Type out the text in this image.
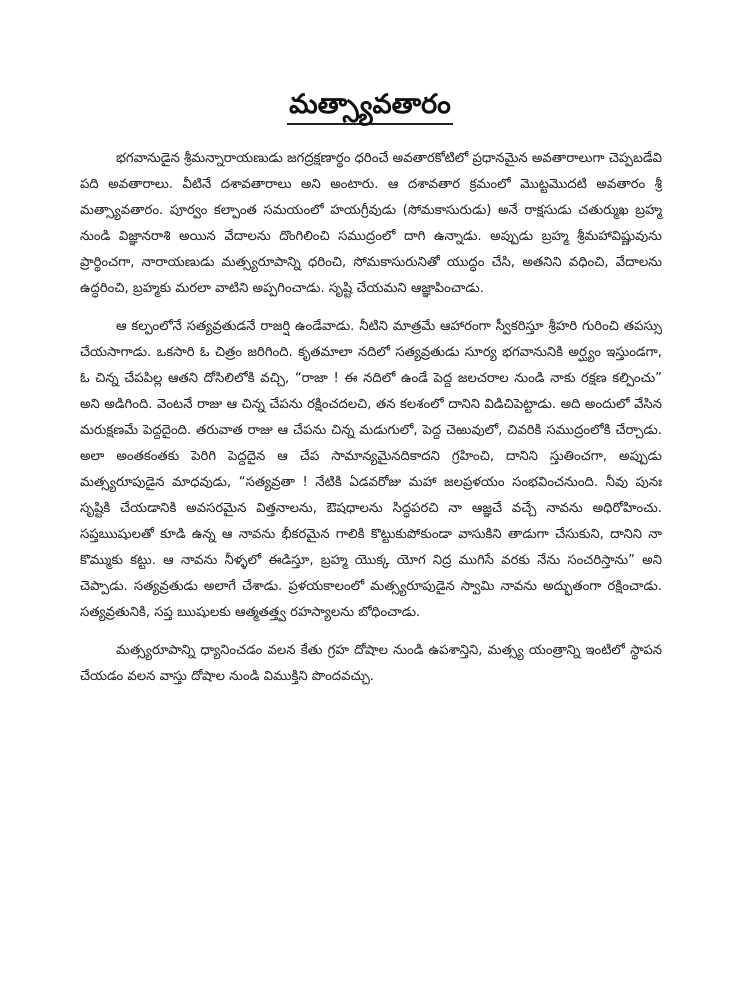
మత్స్యావతారం

భగవానుడైన శ్రీమన్నారాయణుడు జగద్రక్షణార్థం ధరించే అవతారకోటిలో ప్రధానమైన అవతారాలుగా చెప్పబడేవి పది అవతారాలు. వీటినే దశావతారాలు అని అంటారు. ఆ దశావతార క్రమంలో మొట్టమొదటి అవతారం శ్రీ మత్స్యావతారం. పూర్వం కల్పాంత సమయంలో హయగ్రీవుడు (సోమకాసురుడు) అనే రాక్షసుడు చతుర్ముఖ బ్రహ్మ నుండి విజ్ఞానరాశి అయిన వేదాలను దొంగిలించి సముద్రంలో దాగి ఉన్నాడు. అప్పుడు బ్రహ్మ శ్రీమహావిష్ణువును ప్రార్థించగా, నారాయణుడు మత్స్యరూపాన్ని ధరించి, సోమకాసురునితో యుద్ధం చేసి, అతనిని వధించి, వేదాలను ఉద్ధరించి, బ్రహ్మకు మరలా వాటిని అప్పగించాడు. సృష్టి చేయమని ఆజ్ఞాపించాడు.

ఆ కల్పంలోనే సత్యవ్రతుడనే రాజర్షి ఉండేవాడు. నీటిని మాత్రమే ఆహారంగా స్వీకరిస్తూ శ్రీహరి గురించి తపస్సు చేయసాగాడు. ఒకసారి ఓ చిత్రం జరిగింది. కృతమాలా నదిలో సత్యవ్రతుడు సూర్య భగవానునికి అర్ఘ్యం ఇస్తుండగా, ఓ చిన్న చేపపిల్ల ఆతని దోసిలిలోకి వచ్చి, “రాజా ! ఈ నదిలో ఉండే పెద్ద జలచరాల నుండి నాకు రక్షణ కల్పించు” అని అడిగింది. వెంటనే రాజు ఆ చిన్న చేపను రక్షించదలచి, తన కలశంలో దానిని విడిచిపెట్టాడు. అది అందులో వేసిన మరుక్షణమే పెద్దదైంది. తరువాత రాజు ఆ చేపను చిన్న మడుగులో, పెద్ద చెఱువులో, చివరికి సముద్రంలోకి చేర్చాడు. అలా అంతకంతకు పెరిగి పెద్దదైన ఆ చేప సామాన్యమైనదికాదని గ్రహించి, దానిని స్తుతించగా, అప్పుడు మత్స్యరూపుడైన మాధవుడు, “సత్యవ్రతా ! నేటికి ఏడవరోజు మహా జలప్రళయం సంభవించనుంది. నీవు పునః సృష్టికి చేయడానికి అవసరమైన విత్తనాలను, ఔషధాలను సిద్ధపరచి నా ఆజ్ఞచే వచ్చే నావను అధిరోహించు. సప్తఋషులతో కూడి ఉన్న ఆ నావను భీకరమైన గాలికి కొట్టుకుపోకుండా వాసుకిని తాడుగా చేసుకుని, దానిని నా కొమ్ముకు కట్టు. ఆ నావను నీళ్ళలో ఈడిస్తూ, బ్రహ్మ యొక్క యోగ నిద్ర ముగిసే వరకు నేను సంచరిస్తాను” అని చెప్పాడు. సత్యవ్రతుడు అలాగే చేశాడు. ప్రళయకాలంలో మత్స్యరూపుడైన స్వామి నావను అద్భుతంగా రక్షించాడు. సత్యవ్రతునికి, సప్త ఋషులకు ఆత్మతత్త్వ రహస్యాలను బోధించాడు.

మత్స్యరూపాన్ని ధ్యానించడం వలన కేతు గ్రహ దోషాల నుండి ఉపశాన్తిని, మత్స్య యంత్రాన్ని ఇంటిలో స్థాపన చేయడం వలన వాస్తు దోషాల నుండి విముక్తిని పొందవచ్చు.
